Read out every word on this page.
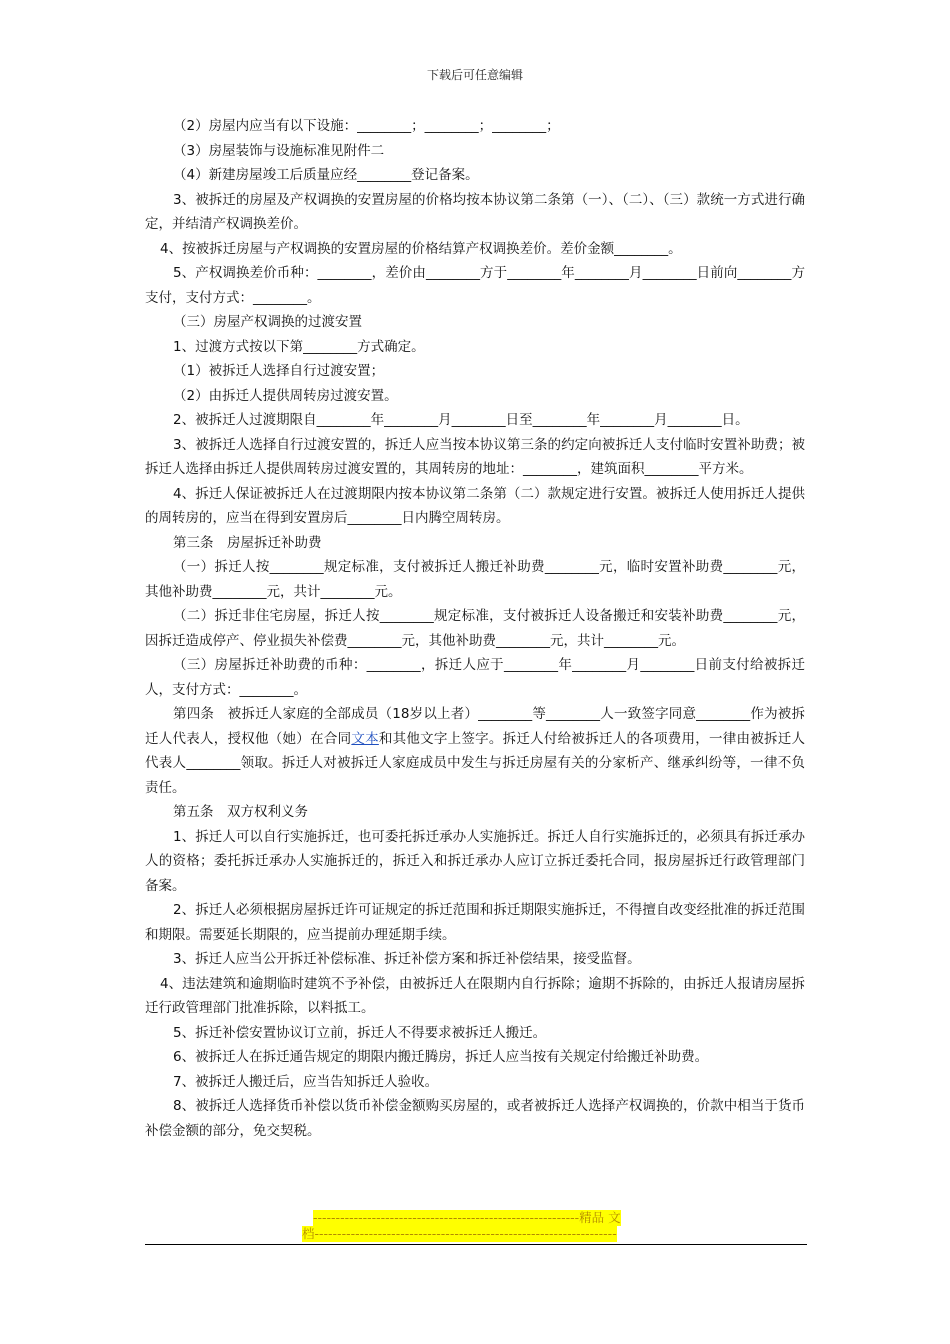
下载后可任意编辑

（2）房屋内应当有以下设施：________；________；________；

（3）房屋装饰与设施标准见附件二

（4）新建房屋竣工后质量应经________登记备案。

3、被拆迁的房屋及产权调换的安置房屋的价格均按本协议第二条第（一）、（二）、（三）款统一方式进行确定，并结清产权调换差价。

4、按被拆迁房屋与产权调换的安置房屋的价格结算产权调换差价。差价金额________。

5、产权调换差价币种：________，差价由________方于________年________月________日前向________方支付，支付方式：________。

（三）房屋产权调换的过渡安置

1、过渡方式按以下第________方式确定。

（1）被拆迁人选择自行过渡安置；

（2）由拆迁人提供周转房过渡安置。

2、被拆迁人过渡期限自________年________月________日至________年________月________日。

3、被拆迁人选择自行过渡安置的，拆迁人应当按本协议第三条的约定向被拆迁人支付临时安置补助费；被拆迁人选择由拆迁人提供周转房过渡安置的，其周转房的地址：________，建筑面积________平方米。

4、拆迁人保证被拆迁人在过渡期限内按本协议第二条第（二）款规定进行安置。被拆迁人使用拆迁人提供的周转房的，应当在得到安置房后________日内腾空周转房。

第三条　房屋拆迁补助费

（一）拆迁人按________规定标准，支付被拆迁人搬迁补助费________元，临时安置补助费________元，其他补助费________元，共计________元。

（二）拆迁非住宅房屋，拆迁人按________规定标准，支付被拆迁人设备搬迁和安装补助费________元，因拆迁造成停产、停业损失补偿费________元，其他补助费________元，共计________元。

（三）房屋拆迁补助费的币种：________，拆迁人应于________年________月________日前支付给被拆迁人，支付方式：________。

第四条　被拆迁人家庭的全部成员（18岁以上者）________等________人一致签字同意________作为被拆迁人代表人，授权他（她）在合同文本和其他文字上签字。拆迁人付给被拆迁人的各项费用，一律由被拆迁人代表人________领取。拆迁人对被拆迁人家庭成员中发生与拆迁房屋有关的分家析产、继承纠纷等，一律不负责任。

第五条　双方权利义务

1、拆迁人可以自行实施拆迁，也可委托拆迁承办人实施拆迁。拆迁人自行实施拆迁的，必须具有拆迁承办人的资格；委托拆迁承办人实施拆迁的，拆迁入和拆迁承办人应订立拆迁委托合同，报房屋拆迁行政管理部门备案。

2、拆迁人必须根据房屋拆迁许可证规定的拆迁范围和拆迁期限实施拆迁，不得擅自改变经批准的拆迁范围和期限。需要延长期限的，应当提前办理延期手续。

3、拆迁人应当公开拆迁补偿标准、拆迁补偿方案和拆迁补偿结果，接受监督。

4、违法建筑和逾期临时建筑不予补偿，由被拆迁人在限期内自行拆除；逾期不拆除的，由拆迁人报请房屋拆迁行政管理部门批准拆除，以料抵工。

5、拆迁补偿安置协议订立前，拆迁人不得要求被拆迁人搬迁。

6、被拆迁人在拆迁通告规定的期限内搬迁腾房，拆迁人应当按有关规定付给搬迁补助费。

7、被拆迁人搬迁后，应当告知拆迁人验收。

8、被拆迁人选择货币补偿以货币补偿金额购买房屋的，或者被拆迁人选择产权调换的，价款中相当于货币补偿金额的部分，免交契税。

-----------------------------------------------------------精品 文
档-------------------------------------------------------------------
